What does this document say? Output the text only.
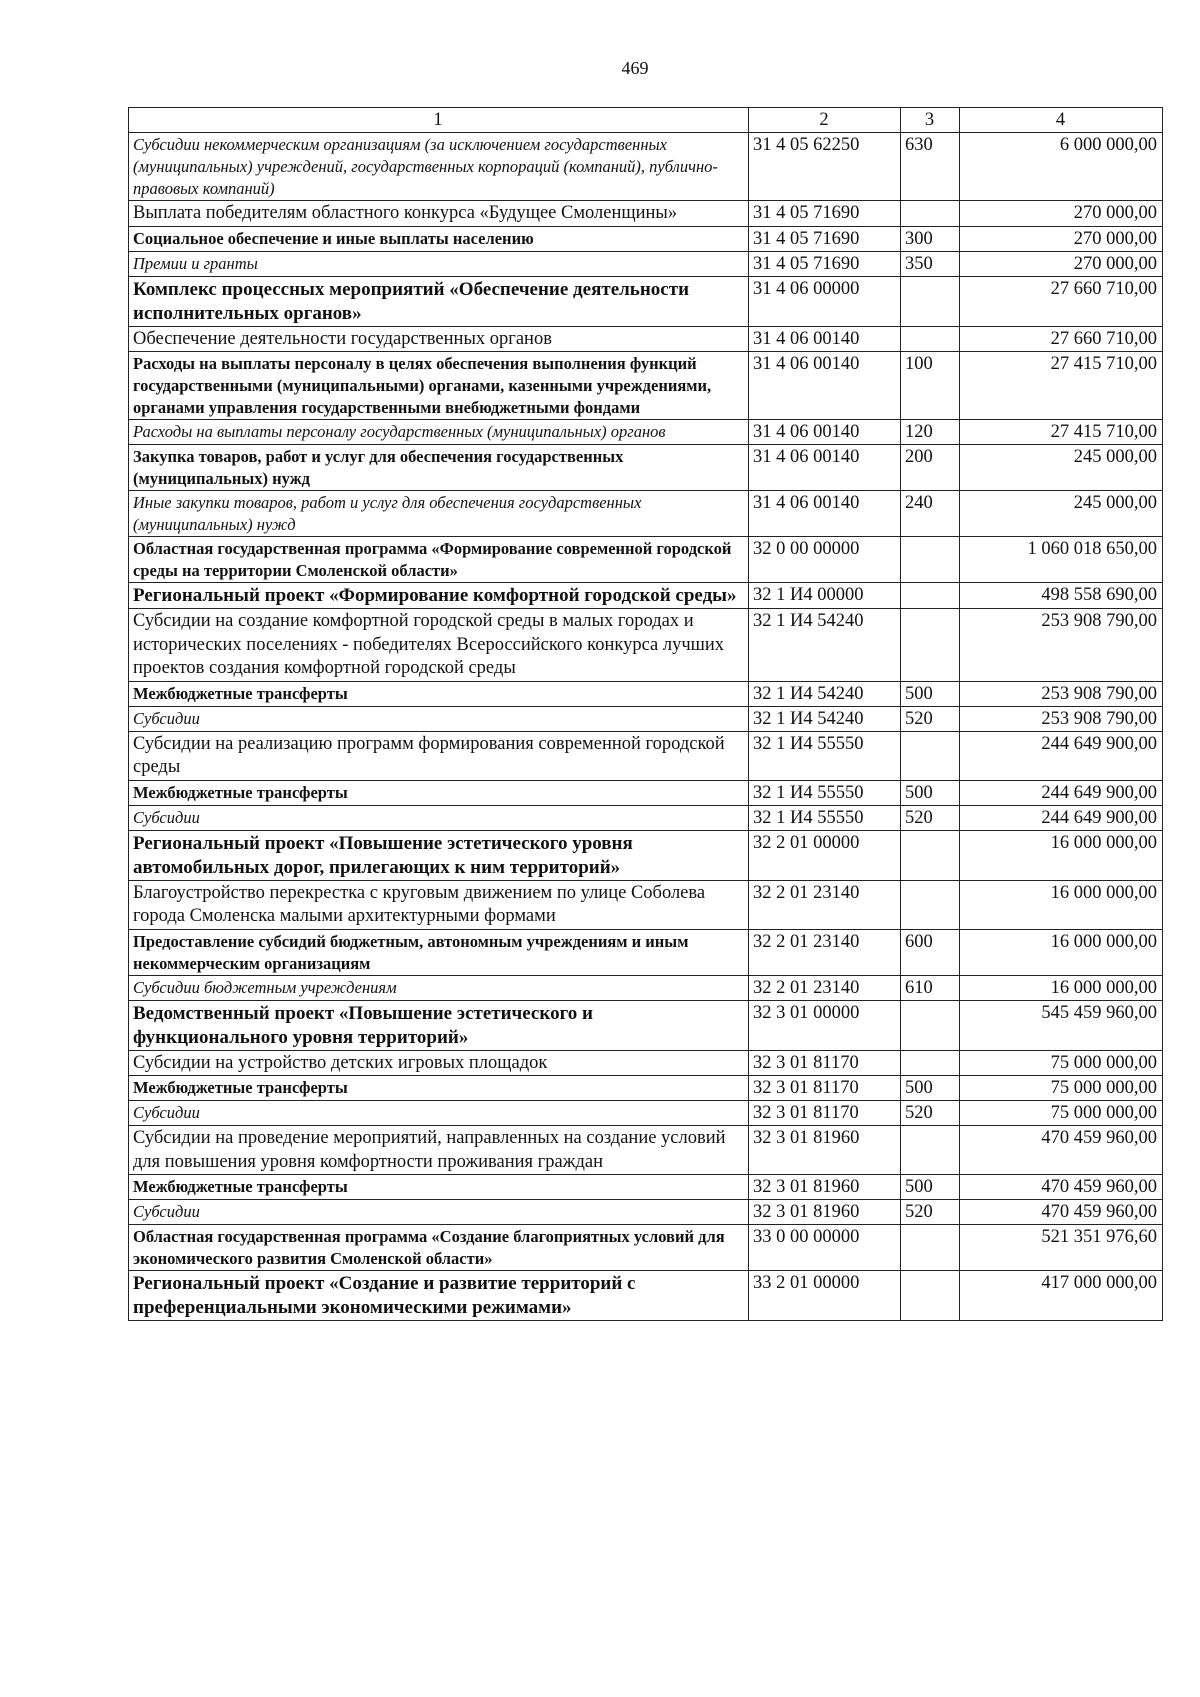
469
1	2	3	4
Субсидии некоммерческим организациям (за исключением государственных (муниципальных) учреждений, государственных корпораций (компаний), публично-правовых компаний)	31 4 05 62250	630	6 000 000,00
Выплата победителям областного конкурса «Будущее Смоленщины»	31 4 05 71690		270 000,00
Социальное обеспечение и иные выплаты населению	31 4 05 71690	300	270 000,00
Премии и гранты	31 4 05 71690	350	270 000,00
Комплекс процессных мероприятий «Обеспечение деятельности исполнительных органов»	31 4 06 00000		27 660 710,00
Обеспечение деятельности государственных органов	31 4 06 00140		27 660 710,00
Расходы на выплаты персоналу в целях обеспечения выполнения функций государственными (муниципальными) органами, казенными учреждениями, органами управления государственными внебюджетными фондами	31 4 06 00140	100	27 415 710,00
Расходы на выплаты персоналу государственных (муниципальных) органов	31 4 06 00140	120	27 415 710,00
Закупка товаров, работ и услуг для обеспечения государственных (муниципальных) нужд	31 4 06 00140	200	245 000,00
Иные закупки товаров, работ и услуг для обеспечения государственных (муниципальных) нужд	31 4 06 00140	240	245 000,00
Областная государственная программа «Формирование современной городской среды на территории Смоленской области»	32 0 00 00000		1 060 018 650,00
Региональный проект «Формирование комфортной городской среды»	32 1 И4 00000		498 558 690,00
Субсидии на создание комфортной городской среды в малых городах и исторических поселениях - победителях Всероссийского конкурса лучших проектов создания комфортной городской среды	32 1 И4 54240		253 908 790,00
Межбюджетные трансферты	32 1 И4 54240	500	253 908 790,00
Субсидии	32 1 И4 54240	520	253 908 790,00
Субсидии на реализацию программ формирования современной городской среды	32 1 И4 55550		244 649 900,00
Межбюджетные трансферты	32 1 И4 55550	500	244 649 900,00
Субсидии	32 1 И4 55550	520	244 649 900,00
Региональный проект «Повышение эстетического уровня автомобильных дорог, прилегающих к ним территорий»	32 2 01 00000		16 000 000,00
Благоустройство перекрестка с круговым движением по улице Соболева города Смоленска малыми архитектурными формами	32 2 01 23140		16 000 000,00
Предоставление субсидий бюджетным, автономным учреждениям и иным некоммерческим организациям	32 2 01 23140	600	16 000 000,00
Субсидии бюджетным учреждениям	32 2 01 23140	610	16 000 000,00
Ведомственный проект «Повышение эстетического и функционального уровня территорий»	32 3 01 00000		545 459 960,00
Субсидии на устройство детских игровых площадок	32 3 01 81170		75 000 000,00
Межбюджетные трансферты	32 3 01 81170	500	75 000 000,00
Субсидии	32 3 01 81170	520	75 000 000,00
Субсидии на проведение мероприятий, направленных на создание условий для повышения уровня комфортности проживания граждан	32 3 01 81960		470 459 960,00
Межбюджетные трансферты	32 3 01 81960	500	470 459 960,00
Субсидии	32 3 01 81960	520	470 459 960,00
Областная государственная программа «Создание благоприятных условий для экономического развития Смоленской области»	33 0 00 00000		521 351 976,60
Региональный проект «Создание и развитие территорий с преференциальными экономическими режимами»	33 2 01 00000		417 000 000,00
